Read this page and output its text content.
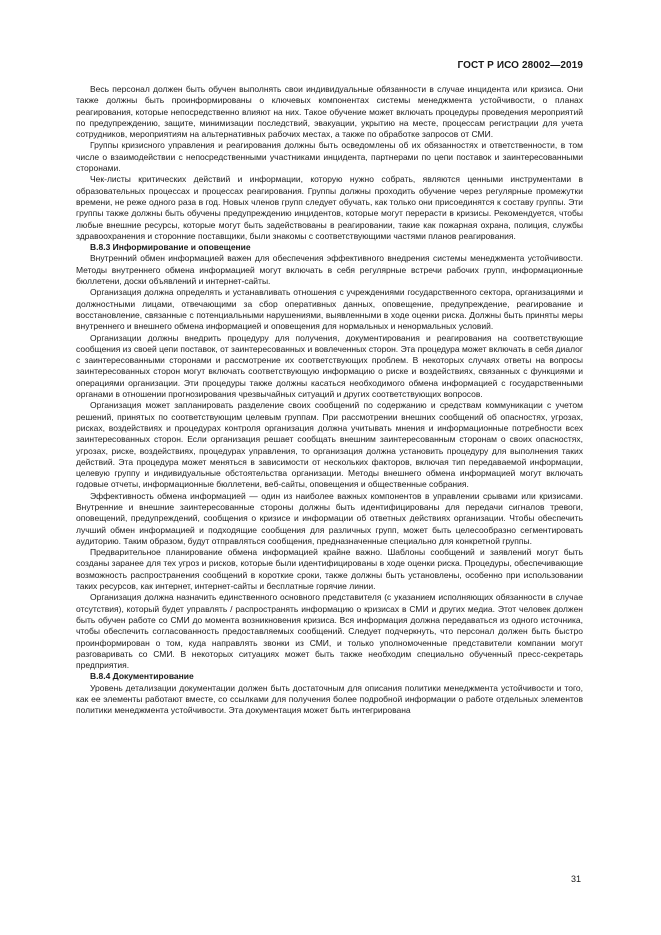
ГОСТ Р ИСО 28002—2019

Весь персонал должен быть обучен выполнять свои индивидуальные обязанности в случае инцидента или кризиса. Они также должны быть проинформированы о ключевых компонентах системы менеджмента устойчивости, о планах реагирования, которые непосредственно влияют на них. Такое обучение может включать процедуры проведения мероприятий по предупреждению, защите, минимизации последствий, эвакуации, укрытию на месте, процессам регистрации для учета сотрудников, мероприятиям на альтернативных рабочих местах, а также по обработке запросов от СМИ.

Группы кризисного управления и реагирования должны быть осведомлены об их обязанностях и ответственности, в том числе о взаимодействии с непосредственными участниками инцидента, партнерами по цепи поставок и заинтересованными сторонами.

Чек-листы критических действий и информации, которую нужно собрать, являются ценными инструментами в образовательных процессах и процессах реагирования. Группы должны проходить обучение через регулярные промежутки времени, не реже одного раза в год. Новых членов групп следует обучать, как только они присоединятся к составу группы. Эти группы также должны быть обучены предупреждению инцидентов, которые могут перерасти в кризисы. Рекомендуется, чтобы любые внешние ресурсы, которые могут быть задействованы в реагировании, такие как пожарная охрана, полиция, службы здравоохранения и сторонние поставщики, были знакомы с соответствующими частями планов реагирования.

B.8.3 Информирование и оповещение

Внутренний обмен информацией важен для обеспечения эффективного внедрения системы менеджмента устойчивости. Методы внутреннего обмена информацией могут включать в себя регулярные встречи рабочих групп, информационные бюллетени, доски объявлений и интернет-сайты.

Организация должна определять и устанавливать отношения с учреждениями государственного сектора, организациями и должностными лицами, отвечающими за сбор оперативных данных, оповещение, предупреждение, реагирование и восстановление, связанные с потенциальными нарушениями, выявленными в ходе оценки риска. Должны быть приняты меры внутреннего и внешнего обмена информацией и оповещения для нормальных и ненормальных условий.

Организации должны внедрить процедуру для получения, документирования и реагирования на соответствующие сообщения из своей цепи поставок, от заинтересованных и вовлеченных сторон. Эта процедура может включать в себя диалог с заинтересованными сторонами и рассмотрение их соответствующих проблем. В некоторых случаях ответы на вопросы заинтересованных сторон могут включать соответствующую информацию о риске и воздействиях, связанных с функциями и операциями организации. Эти процедуры также должны касаться необходимого обмена информацией с государственными органами в отношении прогнозирования чрезвычайных ситуаций и других соответствующих вопросов.

Организация может запланировать разделение своих сообщений по содержанию и средствам коммуникации с учетом решений, принятых по соответствующим целевым группам. При рассмотрении внешних сообщений об опасностях, угрозах, рисках, воздействиях и процедурах контроля организация должна учитывать мнения и информационные потребности всех заинтересованных сторон. Если организация решает сообщать внешним заинтересованным сторонам о своих опасностях, угрозах, риске, воздействиях, процедурах управления, то организация должна установить процедуру для выполнения таких действий. Эта процедура может меняться в зависимости от нескольких факторов, включая тип передаваемой информации, целевую группу и индивидуальные обстоятельства организации. Методы внешнего обмена информацией могут включать годовые отчеты, информационные бюллетени, веб-сайты, оповещения и общественные собрания.

Эффективность обмена информацией — один из наиболее важных компонентов в управлении срывами или кризисами. Внутренние и внешние заинтересованные стороны должны быть идентифицированы для передачи сигналов тревоги, оповещений, предупреждений, сообщения о кризисе и информации об ответных действиях организации. Чтобы обеспечить лучший обмен информацией и подходящие сообщения для различных групп, может быть целесообразно сегментировать аудиторию. Таким образом, будут отправляться сообщения, предназначенные специально для конкретной группы.

Предварительное планирование обмена информацией крайне важно. Шаблоны сообщений и заявлений могут быть созданы заранее для тех угроз и рисков, которые были идентифицированы в ходе оценки риска. Процедуры, обеспечивающие возможность распространения сообщений в короткие сроки, также должны быть установлены, особенно при использовании таких ресурсов, как интернет, интернет-сайты и бесплатные горячие линии.

Организация должна назначить единственного основного представителя (с указанием исполняющих обязанности в случае отсутствия), который будет управлять / распространять информацию о кризисах в СМИ и других медиа. Этот человек должен быть обучен работе со СМИ до момента возникновения кризиса. Вся информация должна передаваться из одного источника, чтобы обеспечить согласованность предоставляемых сообщений. Следует подчеркнуть, что персонал должен быть быстро проинформирован о том, куда направлять звонки из СМИ, и только уполномоченные представители компании могут разговаривать со СМИ. В некоторых ситуациях может быть также необходим специально обученный пресс-секретарь предприятия.

B.8.4 Документирование

Уровень детализации документации должен быть достаточным для описания политики менеджмента устойчивости и того, как ее элементы работают вместе, со ссылками для получения более подробной информации о работе отдельных элементов политики менеджмента устойчивости. Эта документация может быть интегрирована

31
